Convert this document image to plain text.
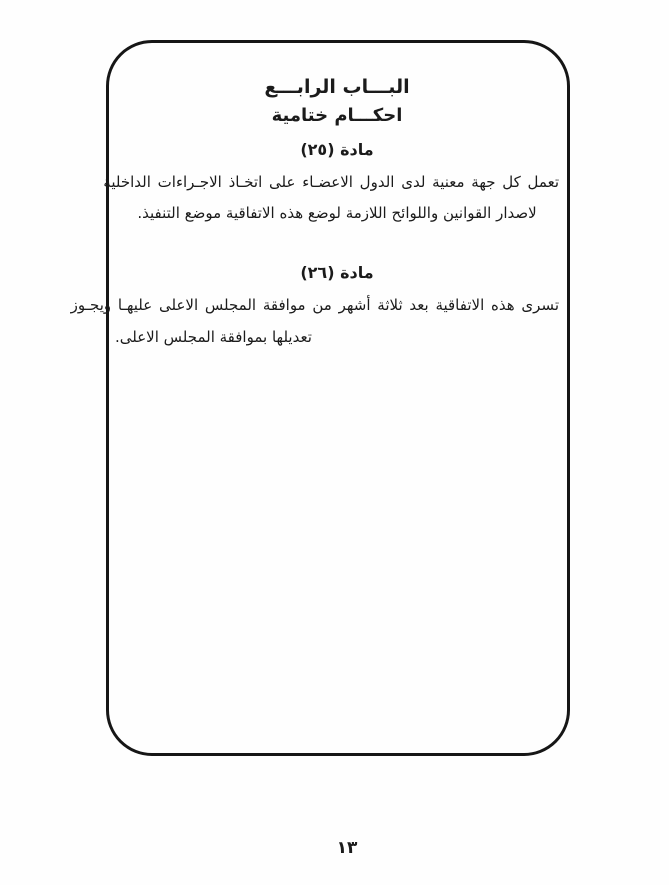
البـــاب الرابـــع
احكـــام ختامية
مادة (٢٥)
تعمل كل جهة معنية لدى الدول الاعضـاء على اتخـاذ الاجـراءات الداخلية
لاصدار القوانين واللوائح اللازمة لوضع هذه الاتفاقية موضع التنفيذ.
مادة (٢٦)
تسرى هذه الاتفاقية بعد ثلاثة أشهر من موافقة المجلس الاعلى عليهـا ويجـوز
تعديلها بموافقة المجلس الاعلى.
١٣
